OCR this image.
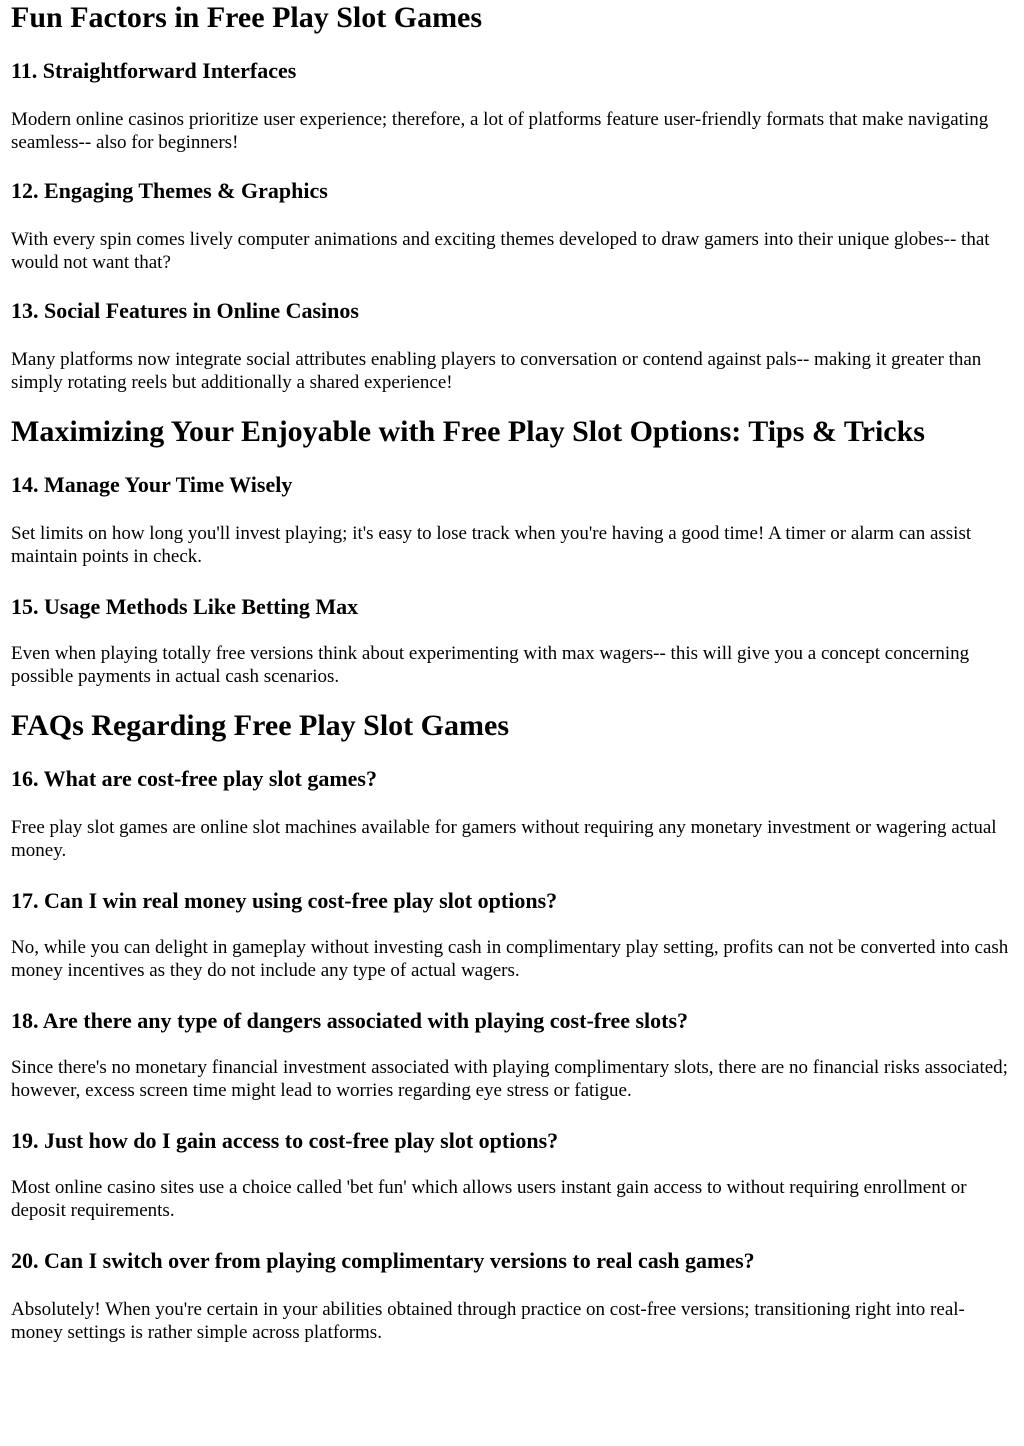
Fun Factors in Free Play Slot Games
11. Straightforward Interfaces

Modern online casinos prioritize user experience; therefore, a lot of platforms feature user-friendly formats that make navigating seamless-- also for beginners!

12. Engaging Themes & Graphics

With every spin comes lively computer animations and exciting themes developed to draw gamers into their unique globes-- that would not want that?

13. Social Features in Online Casinos

Many platforms now integrate social attributes enabling players to conversation or contend against pals-- making it greater than simply rotating reels but additionally a shared experience!

Maximizing Your Enjoyable with Free Play Slot Options: Tips & Tricks
14. Manage Your Time Wisely

Set limits on how long you'll invest playing; it's easy to lose track when you're having a good time! A timer or alarm can assist maintain points in check.

15. Usage Methods Like Betting Max

Even when playing totally free versions think about experimenting with max wagers-- this will give you a concept concerning possible payments in actual cash scenarios.

FAQs Regarding Free Play Slot Games
16. What are cost-free play slot games?

Free play slot games are online slot machines available for gamers without requiring any monetary investment or wagering actual money.

17. Can I win real money using cost-free play slot options?

No, while you can delight in gameplay without investing cash in complimentary play setting, profits can not be converted into cash money incentives as they do not include any type of actual wagers.

18. Are there any type of dangers associated with playing cost-free slots?

Since there's no monetary financial investment associated with playing complimentary slots, there are no financial risks associated; however, excess screen time might lead to worries regarding eye stress or fatigue.

19. Just how do I gain access to cost-free play slot options?

Most online casino sites use a choice called 'bet fun' which allows users instant gain access to without requiring enrollment or deposit requirements.

20. Can I switch over from playing complimentary versions to real cash games?

Absolutely! When you're certain in your abilities obtained through practice on cost-free versions; transitioning right into real-money settings is rather simple across platforms.
